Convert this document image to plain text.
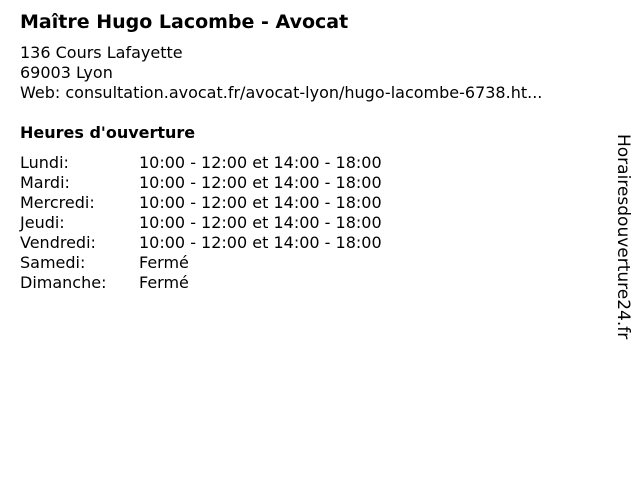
Maître Hugo Lacombe - Avocat
136 Cours Lafayette
69003 Lyon
Web: consultation.avocat.fr/avocat-lyon/hugo-lacombe-6738.ht...
Heures d'ouverture
Lundi:	10:00 - 12:00 et 14:00 - 18:00
Mardi:	10:00 - 12:00 et 14:00 - 18:00
Mercredi:	10:00 - 12:00 et 14:00 - 18:00
Jeudi:	10:00 - 12:00 et 14:00 - 18:00
Vendredi:	10:00 - 12:00 et 14:00 - 18:00
Samedi:	Fermé
Dimanche:	Fermé	Horairesdouverture24.fr
